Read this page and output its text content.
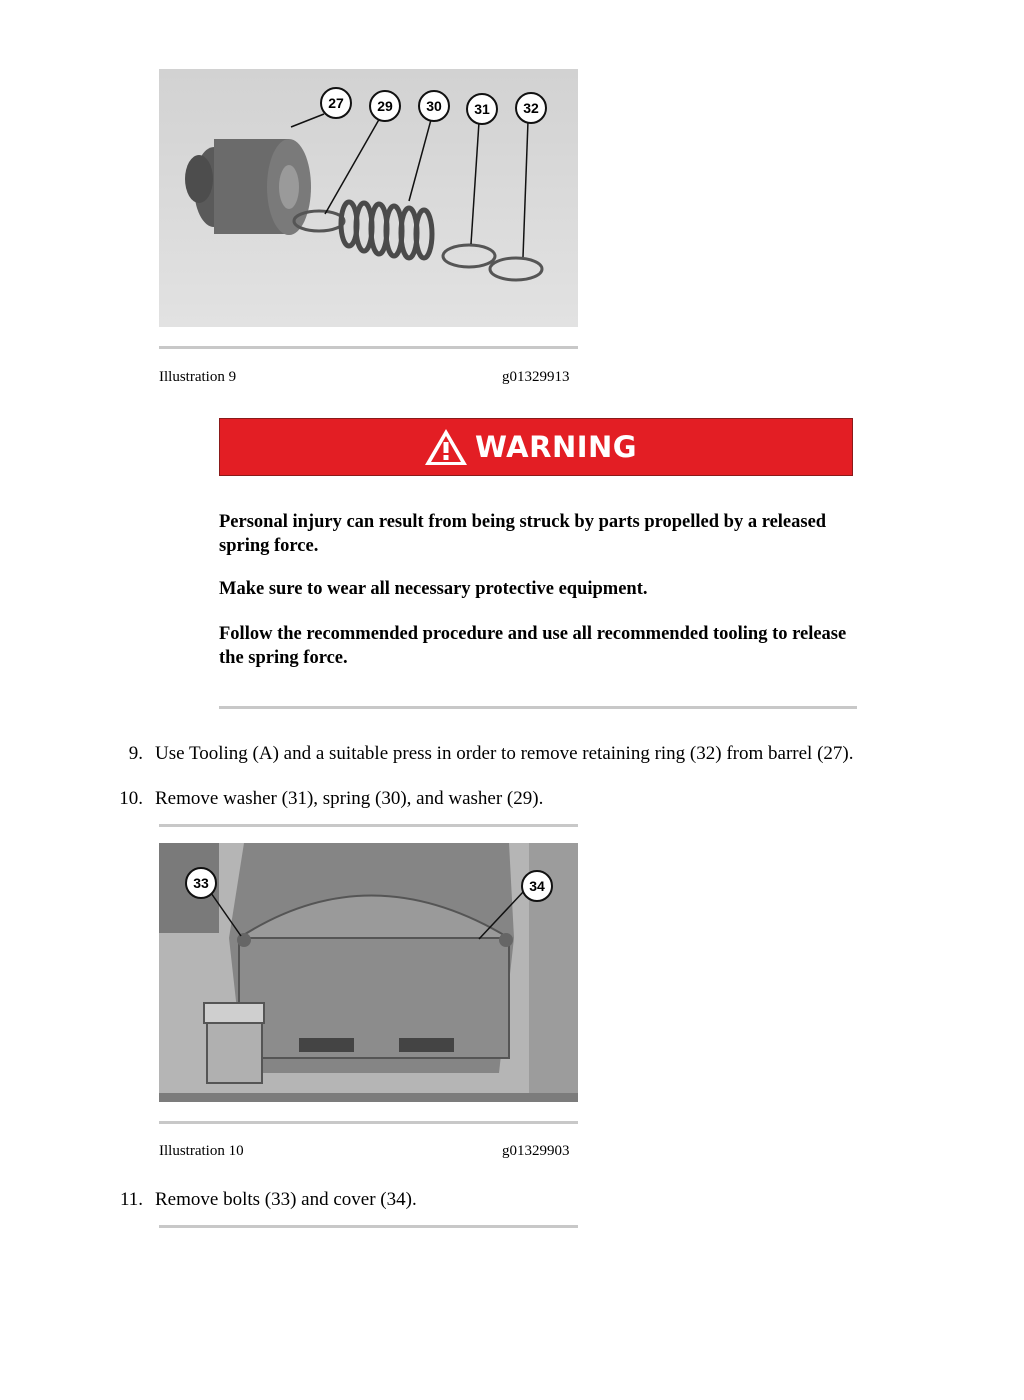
27	29	30	31	32
Illustration 9	g01329913
WARNING

Personal injury can result from being struck by parts propelled by a released spring force.

Make sure to wear all necessary protective equipment.

Follow the recommended procedure and use all recommended tooling to release the spring force.

9. Use Tooling (A) and a suitable press in order to remove retaining ring (32) from barrel (27).
10. Remove washer (31), spring (30), and washer (29).
33	34
Illustration 10	g01329903
11. Remove bolts (33) and cover (34).
